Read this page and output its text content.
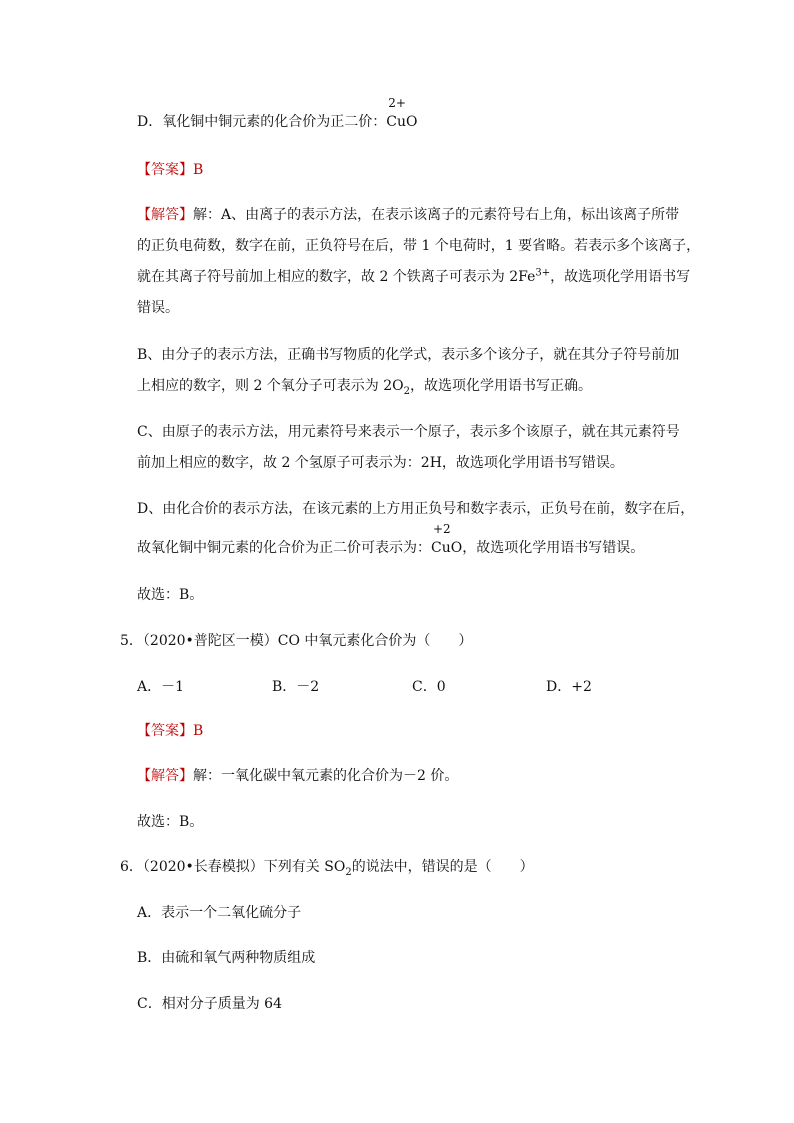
D．氧化铜中铜元素的化合价为正二价：
2+
CuO
【答案】B
【解答】解：A、由离子的表示方法，在表示该离子的元素符号右上角，标出该离子所带
的正负电荷数，数字在前，正负符号在后，带 1 个电荷时，1 要省略。若表示多个该离子，
就在其离子符号前加上相应的数字，故 2 个铁离子可表示为 $2Fe^{3+}$，故选项化学用语书写
错误。
B、由分子的表示方法，正确书写物质的化学式，表示多个该分子，就在其分子符号前加
上相应的数字，则 2 个氧分子可表示为 $2O_2$，故选项化学用语书写正确。
C、由原子的表示方法，用元素符号来表示一个原子，表示多个该原子，就在其元素符号
前加上相应的数字，故 2 个氢原子可表示为：2H，故选项化学用语书写错误。
D、由化合价的表示方法，在该元素的上方用正负号和数字表示，正负号在前，数字在后，
故氧化铜中铜元素的化合价为正二价可表示为：
+2
CuO，故选项化学用语书写错误。
故选：B。
5．（2020•普陀区一模）CO 中氧元素化合价为（　　）
A．－1	B．－2	C．0	D．+2
【答案】B
【解答】解：一氧化碳中氧元素的化合价为－2 价。
故选：B。
6．（2020•长春模拟）下列有关 $SO_2$的说法中，错误的是（　　）
A．表示一个二氧化硫分子
B．由硫和氧气两种物质组成
C．相对分子质量为 64
